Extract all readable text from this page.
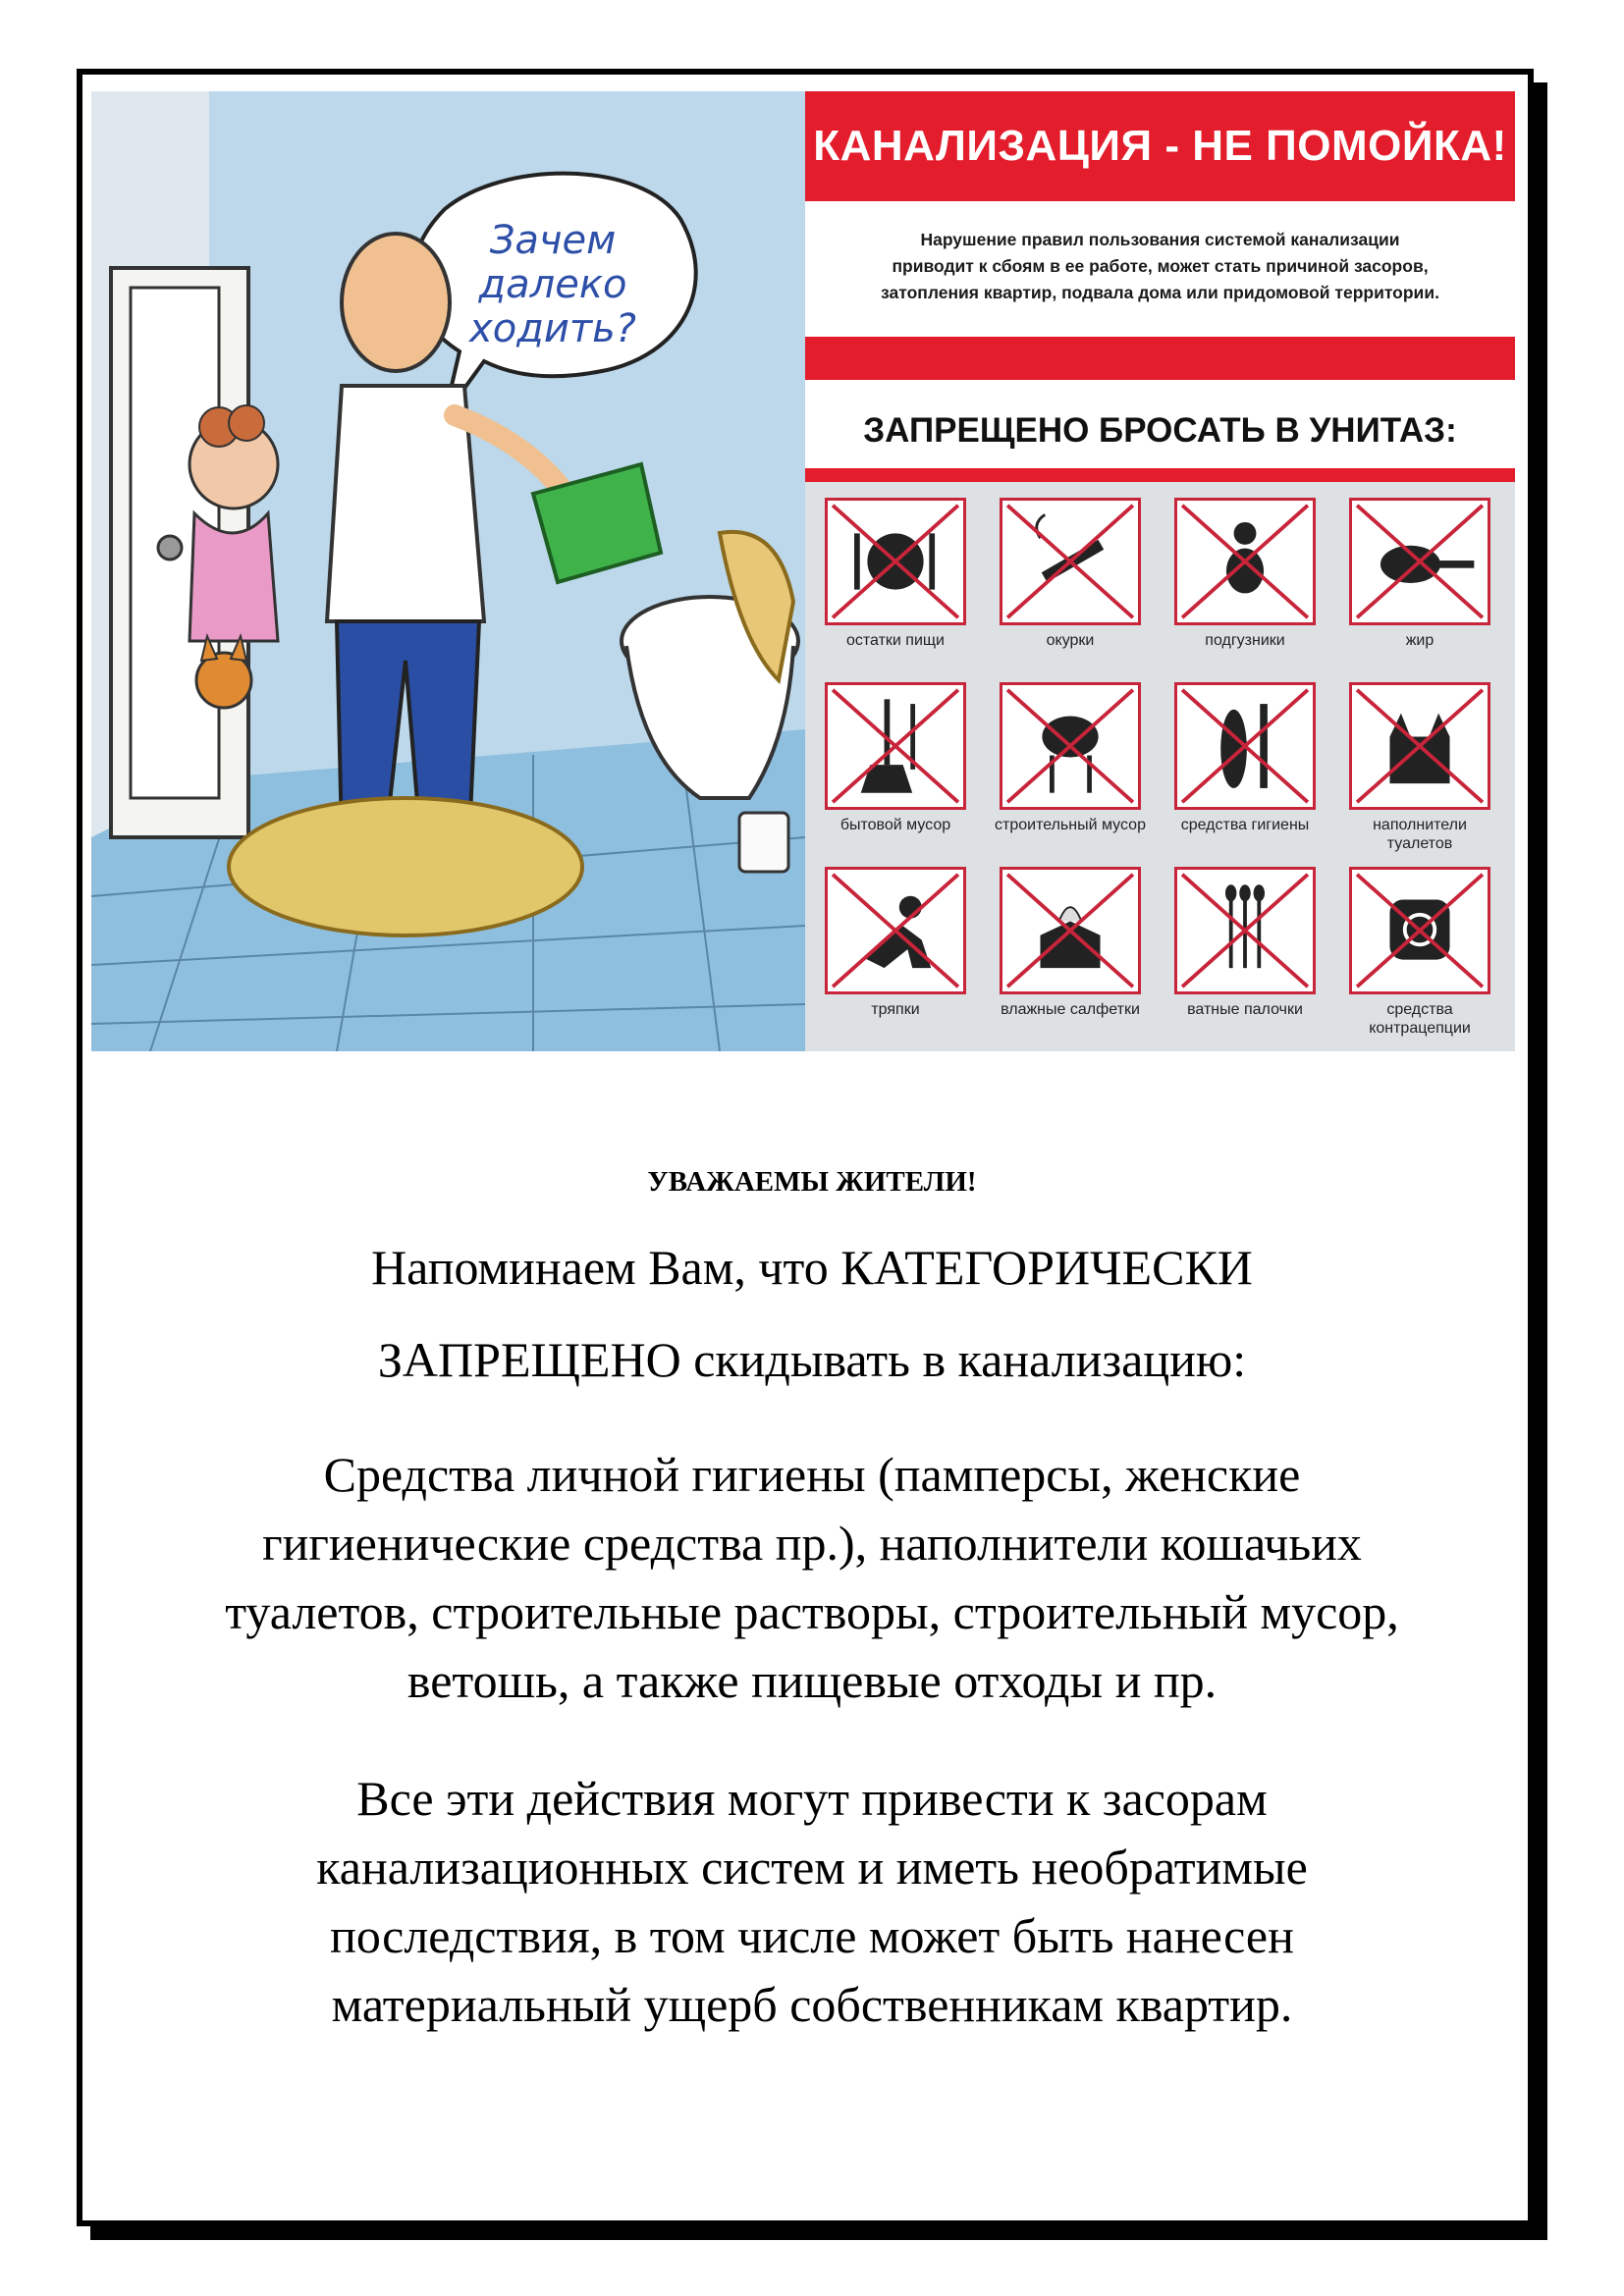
Зачем
далеко
ходить?
КАНАЛИЗАЦИЯ - НЕ ПОМОЙКА!
Нарушение правил пользования системой канализации
приводит к сбоям в ее работе, может стать причиной засоров,
затопления квартир, подвала дома или придомовой территории.
ЗАПРЕЩЕНО БРОСАТЬ В УНИТАЗ:
остатки пищи	окурки	подгузники	жир
бытовой мусор	строительный мусор	средства гигиены	наполнители туалетов
тряпки	влажные салфетки	ватные палочки	средства контрацепции
УВАЖАЕМЫ ЖИТЕЛИ!
Напоминаем Вам, что КАТЕГОРИЧЕСКИ
ЗАПРЕЩЕНО скидывать в канализацию:
Средства личной гигиены (памперсы, женские
гигиенические средства пр.), наполнители кошачьих
туалетов, строительные растворы, строительный мусор,
ветошь, а также пищевые отходы и пр.
Все эти действия могут привести к засорам
канализационных систем и иметь необратимые
последствия, в том числе может быть нанесен
материальный ущерб собственникам квартир.
